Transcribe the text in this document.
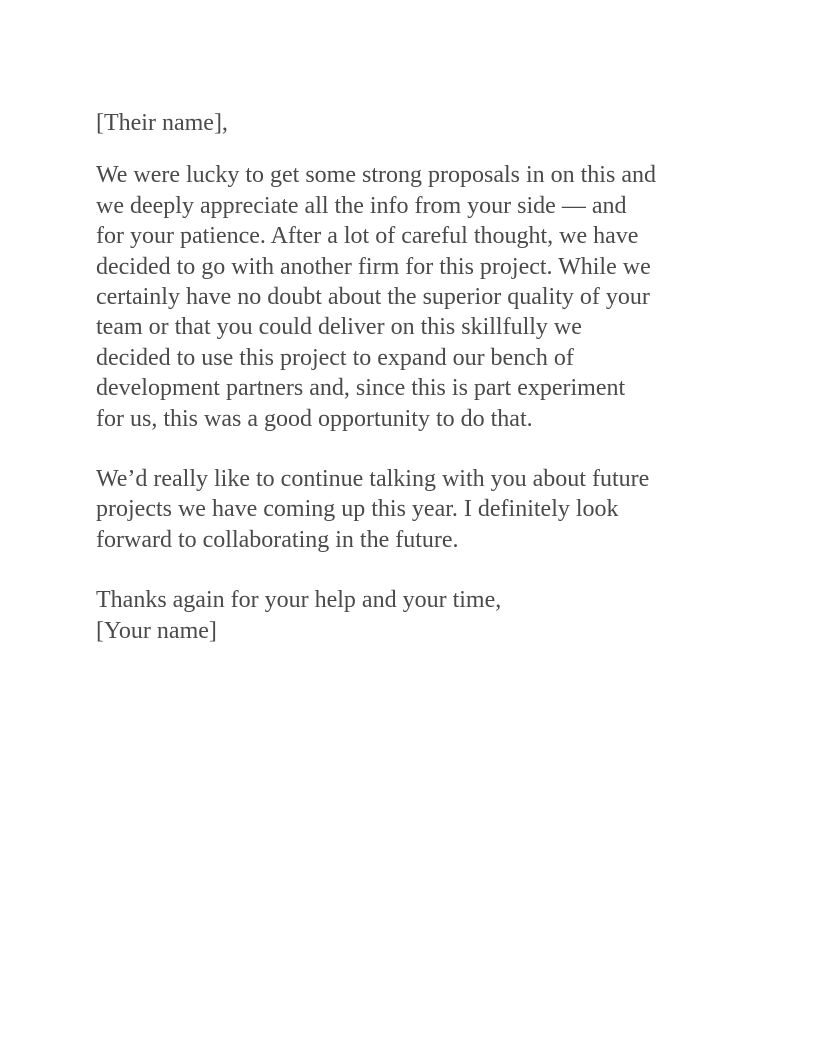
[Their name],

We were lucky to get some strong proposals in on this and
we deeply appreciate all the info from your side — and
for your patience. After a lot of careful thought, we have
decided to go with another firm for this project. While we
certainly have no doubt about the superior quality of your
team or that you could deliver on this skillfully we
decided to use this project to expand our bench of
development partners and, since this is part experiment
for us, this was a good opportunity to do that.

We’d really like to continue talking with you about future
projects we have coming up this year. I definitely look
forward to collaborating in the future.

Thanks again for your help and your time,
[Your name]
